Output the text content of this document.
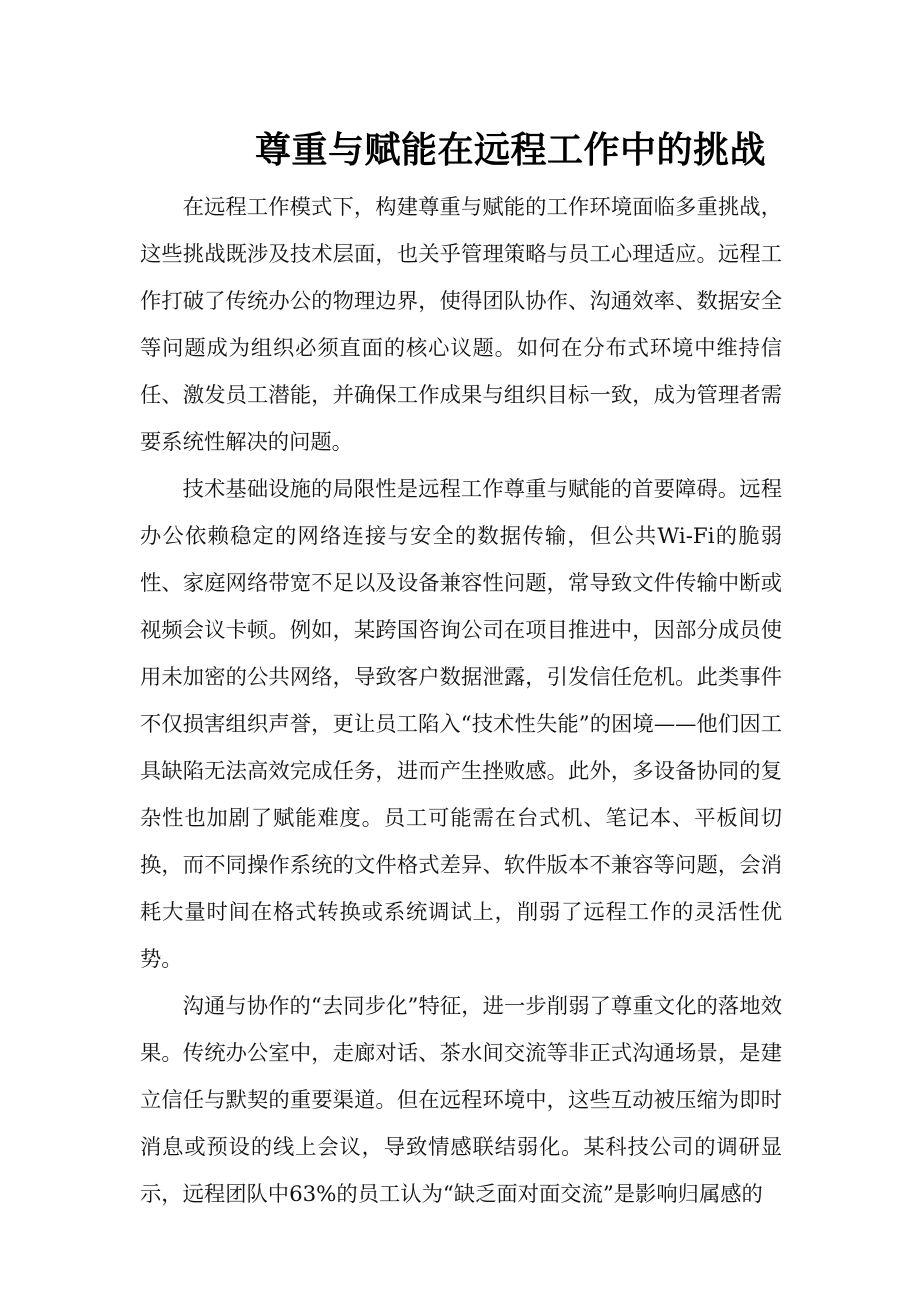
尊重与赋能在远程工作中的挑战

在远程工作模式下，构建尊重与赋能的工作环境面临多重挑战，这些挑战既涉及技术层面，也关乎管理策略与员工心理适应。远程工作打破了传统办公的物理边界，使得团队协作、沟通效率、数据安全等问题成为组织必须直面的核心议题。如何在分布式环境中维持信任、激发员工潜能，并确保工作成果与组织目标一致，成为管理者需要系统性解决的问题。

技术基础设施的局限性是远程工作尊重与赋能的首要障碍。远程办公依赖稳定的网络连接与安全的数据传输，但公共Wi-Fi的脆弱性、家庭网络带宽不足以及设备兼容性问题，常导致文件传输中断或视频会议卡顿。例如，某跨国咨询公司在项目推进中，因部分成员使用未加密的公共网络，导致客户数据泄露，引发信任危机。此类事件不仅损害组织声誉，更让员工陷入“技术性失能”的困境——他们因工具缺陷无法高效完成任务，进而产生挫败感。此外，多设备协同的复杂性也加剧了赋能难度。员工可能需在台式机、笔记本、平板间切换，而不同操作系统的文件格式差异、软件版本不兼容等问题，会消耗大量时间在格式转换或系统调试上，削弱了远程工作的灵活性优势。

沟通与协作的“去同步化”特征，进一步削弱了尊重文化的落地效果。传统办公室中，走廊对话、茶水间交流等非正式沟通场景，是建立信任与默契的重要渠道。但在远程环境中，这些互动被压缩为即时消息或预设的线上会议，导致情感联结弱化。某科技公司的调研显示，远程团队中63%的员工认为“缺乏面对面交流”是影响归属感的
